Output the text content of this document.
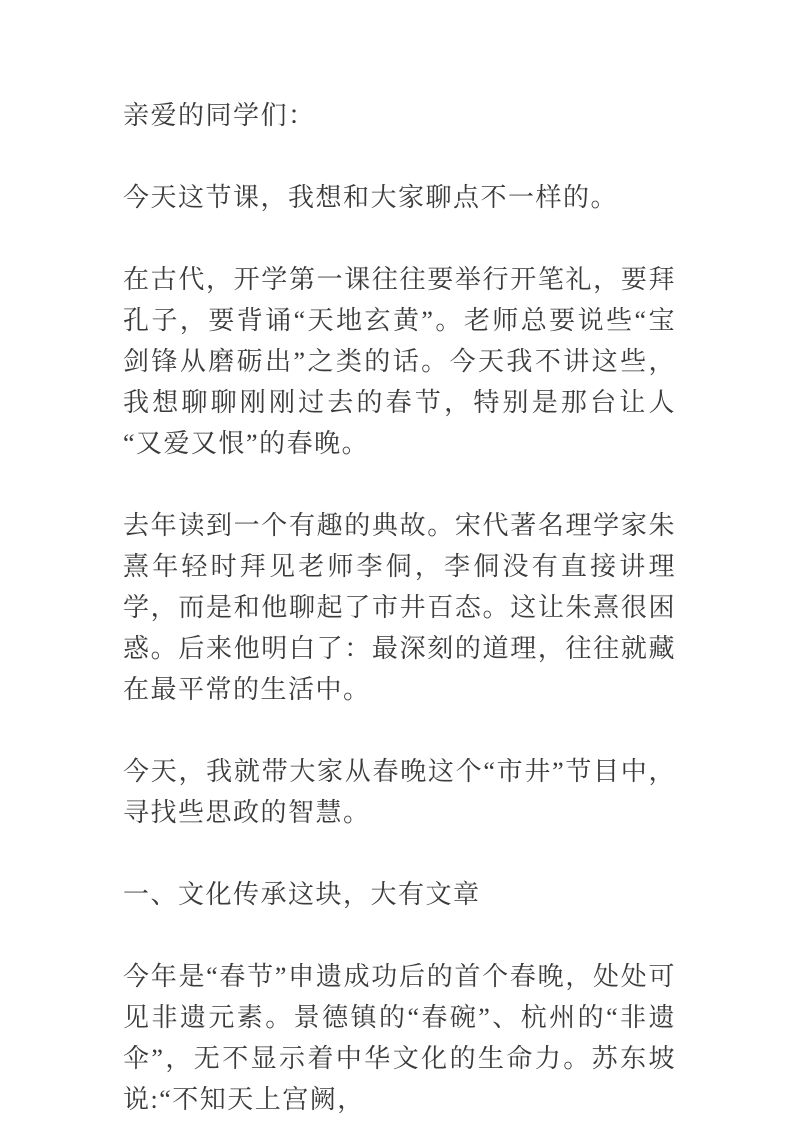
亲爱的同学们：

今天这节课，我想和大家聊点不一样的。

在古代，开学第一课往往要举行开笔礼，要拜孔子，要背诵“天地玄黄”。老师总要说些“宝剑锋从磨砺出”之类的话。今天我不讲这些，我想聊聊刚刚过去的春节，特别是那台让人“又爱又恨”的春晚。

去年读到一个有趣的典故。宋代著名理学家朱熹年轻时拜见老师李侗，李侗没有直接讲理学，而是和他聊起了市井百态。这让朱熹很困惑。后来他明白了：最深刻的道理，往往就藏在最平常的生活中。

今天，我就带大家从春晚这个“市井”节目中，寻找些思政的智慧。

一、文化传承这块，大有文章

今年是“春节”申遗成功后的首个春晚，处处可见非遗元素。景德镇的“春碗”、杭州的“非遗伞”，无不显示着中华文化的生命力。苏东坡说:“不知天上宫阙，
